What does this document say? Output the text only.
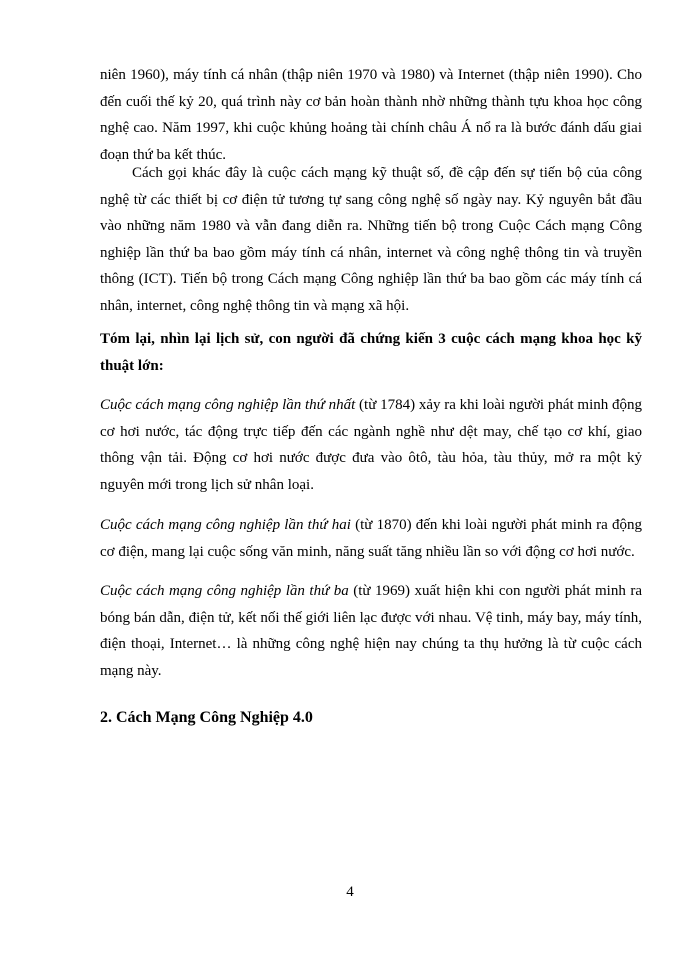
niên 1960), máy tính cá nhân (thập niên 1970 và 1980) và Internet (thập niên 1990). Cho đến cuối thế kỷ 20, quá trình này cơ bản hoàn thành nhờ những thành tựu khoa học công nghệ cao. Năm 1997, khi cuộc khủng hoảng tài chính châu Á nổ ra là bước đánh dấu giai đoạn thứ ba kết thúc.

Cách gọi khác đây là cuộc cách mạng kỹ thuật số, đề cập đến sự tiến bộ của công nghệ từ các thiết bị cơ điện tử tương tự sang công nghệ số ngày nay. Kỷ nguyên bắt đầu vào những năm 1980 và vẫn đang diễn ra. Những tiến bộ trong Cuộc Cách mạng Công nghiệp lần thứ ba bao gồm máy tính cá nhân, internet và công nghệ thông tin và truyền thông (ICT). Tiến bộ trong Cách mạng Công nghiệp lần thứ ba bao gồm các máy tính cá nhân, internet, công nghệ thông tin và mạng xã hội.

Tóm lại, nhìn lại lịch sử, con người đã chứng kiến 3 cuộc cách mạng khoa học kỹ thuật lớn:

Cuộc cách mạng công nghiệp lần thứ nhất (từ 1784) xảy ra khi loài người phát minh động cơ hơi nước, tác động trực tiếp đến các ngành nghề như dệt may, chế tạo cơ khí, giao thông vận tải. Động cơ hơi nước được đưa vào ôtô, tàu hỏa, tàu thủy, mở ra một kỷ nguyên mới trong lịch sử nhân loại.

Cuộc cách mạng công nghiệp lần thứ hai (từ 1870) đến khi loài người phát minh ra động cơ điện, mang lại cuộc sống văn minh, năng suất tăng nhiều lần so với động cơ hơi nước.

Cuộc cách mạng công nghiệp lần thứ ba (từ 1969) xuất hiện khi con người phát minh ra bóng bán dẫn, điện tử, kết nối thế giới liên lạc được với nhau. Vệ tinh, máy bay, máy tính, điện thoại, Internet… là những công nghệ hiện nay chúng ta thụ hưởng là từ cuộc cách mạng này.

2. Cách Mạng Công Nghiệp 4.0
4
